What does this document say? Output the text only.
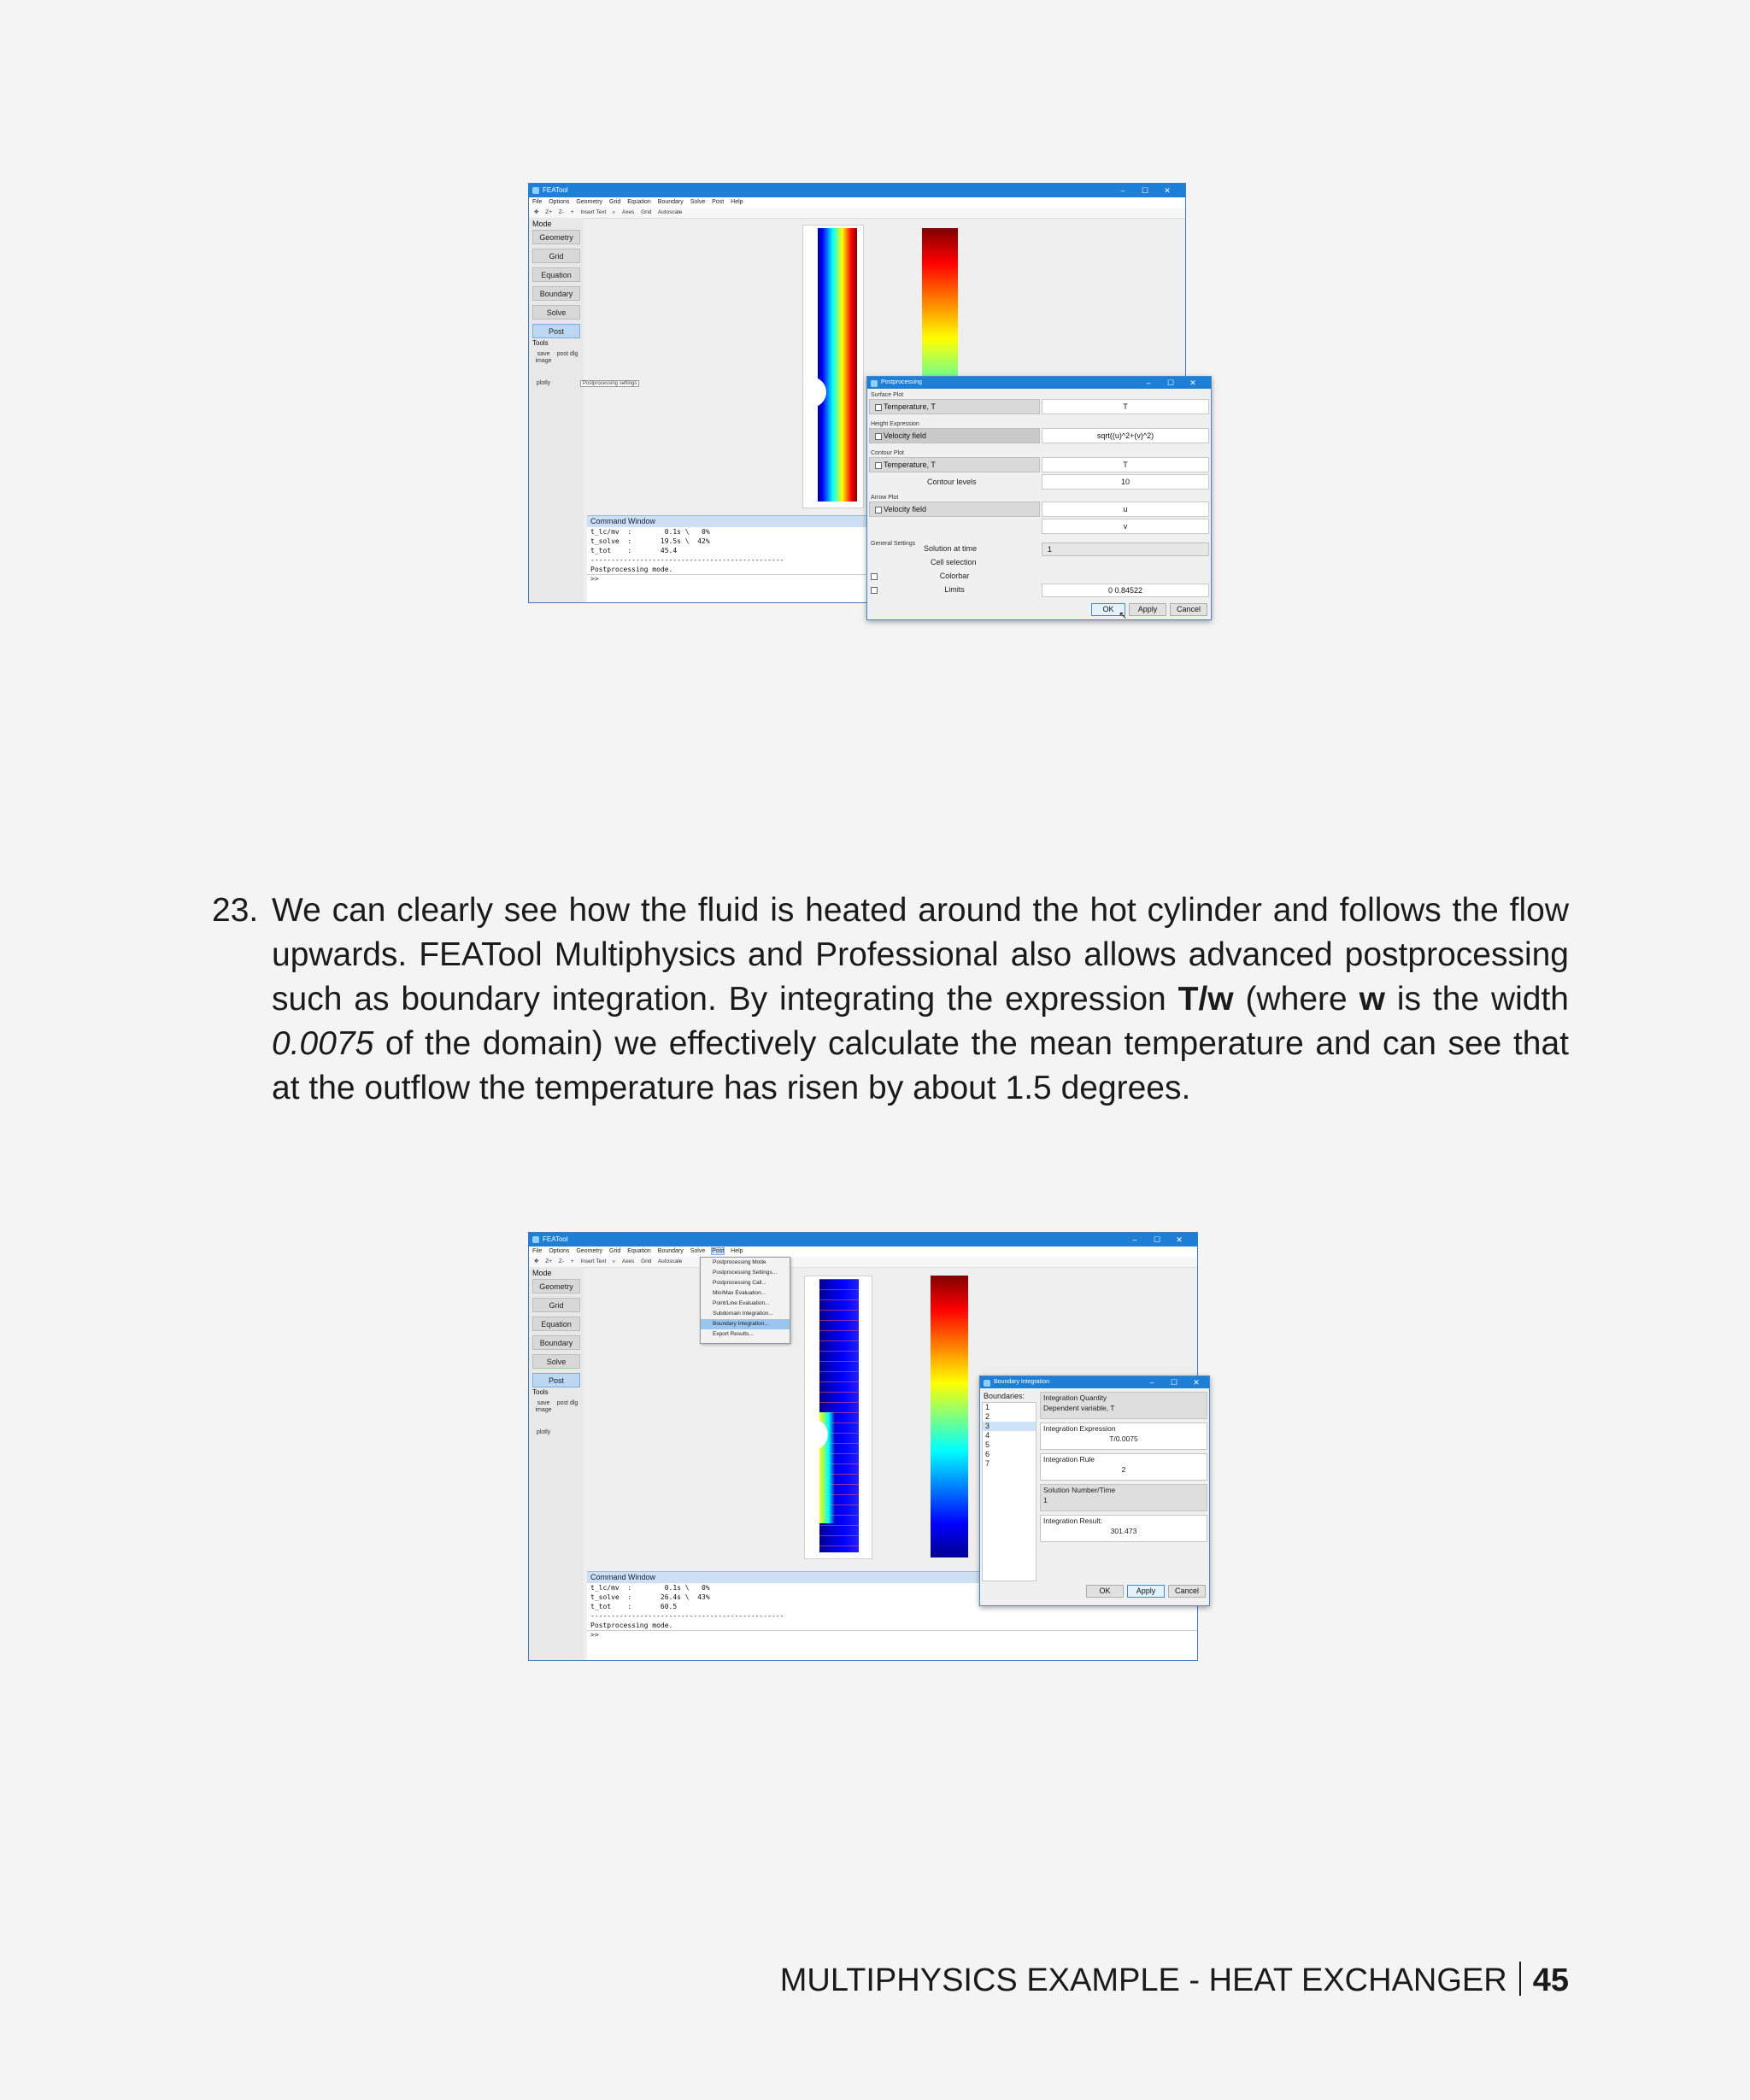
FEATool	– ☐ ✕
File Options Geometry Grid Equation Boundary Solve Post Help
✥ Z+ Z- + Insert Text ▹ Axes Grid Autoscale
Mode
Geometry
Grid
Equation
Boundary
Solve
Post
Tools
save image
post dlg
plotly	Postprocessing settings
Command Window
t_lc/mv  :        0.1s \   0%
t_solve  :       19.5s \  42%
t_tot    :       45.4
-----------------------------------------------
Postprocessing mode.
>>
Postprocessing	– ☐ ✕
Surface Plot
Temperature, T	T
Height Expression
Velocity field	sqrt((u)^2+(v)^2)
Contour Plot
Temperature, T	T
Contour levels	10
Arrow Plot
Velocity field	u
v
General Settings
Solution at time	1
Cell selection
Colorbar
Limits	0 0.84522
OK	Apply	Cancel
↖
23. We can clearly see how the fluid is heated around the hot cylinder and follows the flow upwards. FEATool Multiphysics and Professional also allows advanced postprocessing such as boundary integration. By integrating the expression T/w (where w is the width 0.0075 of the domain) we effectively calculate the mean temperature and can see that at the outflow the temperature has risen by about 1.5 degrees.
FEATool	– ☐ ✕
File Options Geometry Grid Equation Boundary Solve Post Help
✥ Z+ Z- + Insert Text ▹ Axes Grid Autoscale
Mode
Geometry
Grid
Equation
Boundary
Solve
Post
Tools
save image
post dlg
plotly
Postprocessing Mode
Postprocessing Settings...
Postprocessing Call...
Min/Max Evaluation...
Point/Line Evaluation...
Subdomain Integration...
Boundary Integration...
Export Results...
Command Window
t_lc/mv  :        0.1s \   0%
t_solve  :       26.4s \  43%
t_tot    :       60.5
-----------------------------------------------
Postprocessing mode.
>>
Boundary Integration	– ☐ ✕
Boundaries:
1
2
3
4
5
6
7
Integration Quantity
Dependent variable, T
Integration Expression
T/0.0075
Integration Rule
2
Solution Number/Time
1
Integration Result:
301.473
OK	Apply	Cancel
MULTIPHYSICS EXAMPLE - HEAT EXCHANGER 45
